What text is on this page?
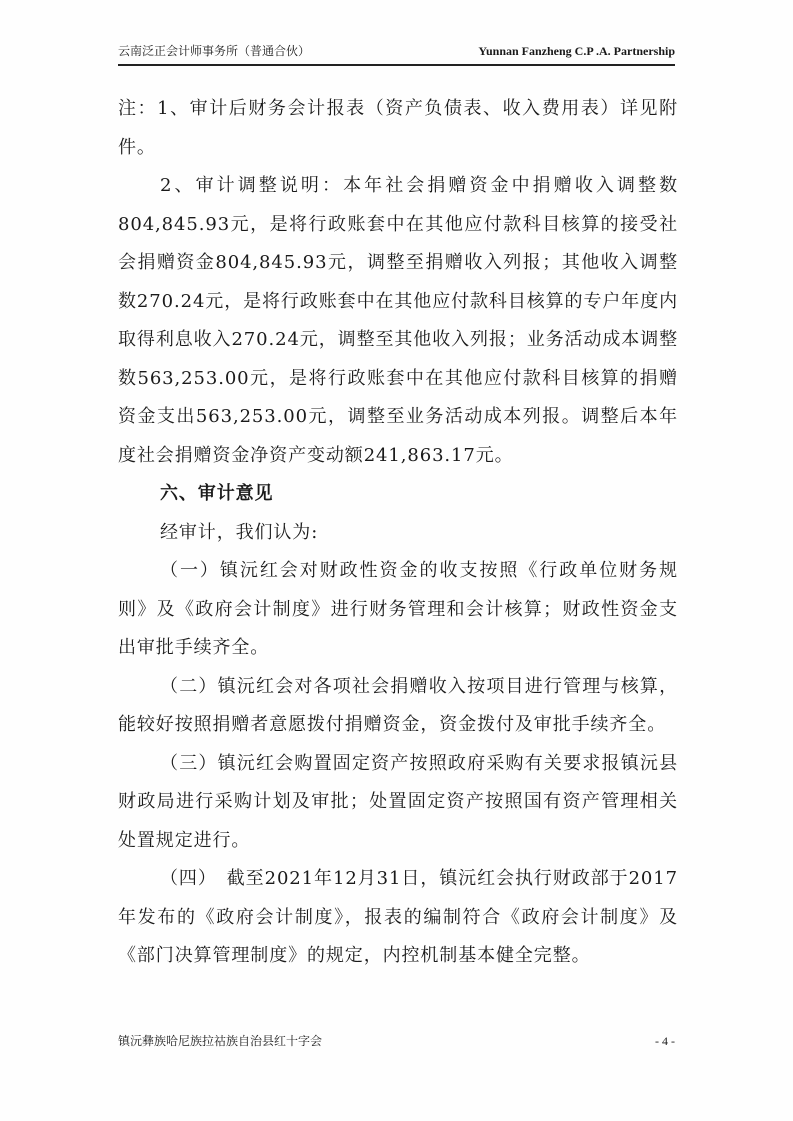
云南泛正会计师事务所（普通合伙）	Yunnan Fanzheng C.P .A. Partnership

注：1、审计后财务会计报表（资产负债表、收入费用表）详见附件。

2、审计调整说明：本年社会捐赠资金中捐赠收入调整数804,845.93元，是将行政账套中在其他应付款科目核算的接受社会捐赠资金804,845.93元，调整至捐赠收入列报；其他收入调整数270.24元，是将行政账套中在其他应付款科目核算的专户年度内取得利息收入270.24元，调整至其他收入列报；业务活动成本调整数563,253.00元，是将行政账套中在其他应付款科目核算的捐赠资金支出563,253.00元，调整至业务活动成本列报。调整后本年度社会捐赠资金净资产变动额241,863.17元。

六、审计意见

经审计，我们认为:

（一）镇沅红会对财政性资金的收支按照《行政单位财务规则》及《政府会计制度》进行财务管理和会计核算；财政性资金支出审批手续齐全。

（二）镇沅红会对各项社会捐赠收入按项目进行管理与核算，能较好按照捐赠者意愿拨付捐赠资金，资金拨付及审批手续齐全。

（三）镇沅红会购置固定资产按照政府采购有关要求报镇沅县财政局进行采购计划及审批；处置固定资产按照国有资产管理相关处置规定进行。

（四）　截至2021年12月31日，镇沅红会执行财政部于2017年发布的《政府会计制度》，报表的编制符合《政府会计制度》及《部门决算管理制度》的规定，内控机制基本健全完整。

镇沅彝族哈尼族拉祜族自治县红十字会	- 4 -
